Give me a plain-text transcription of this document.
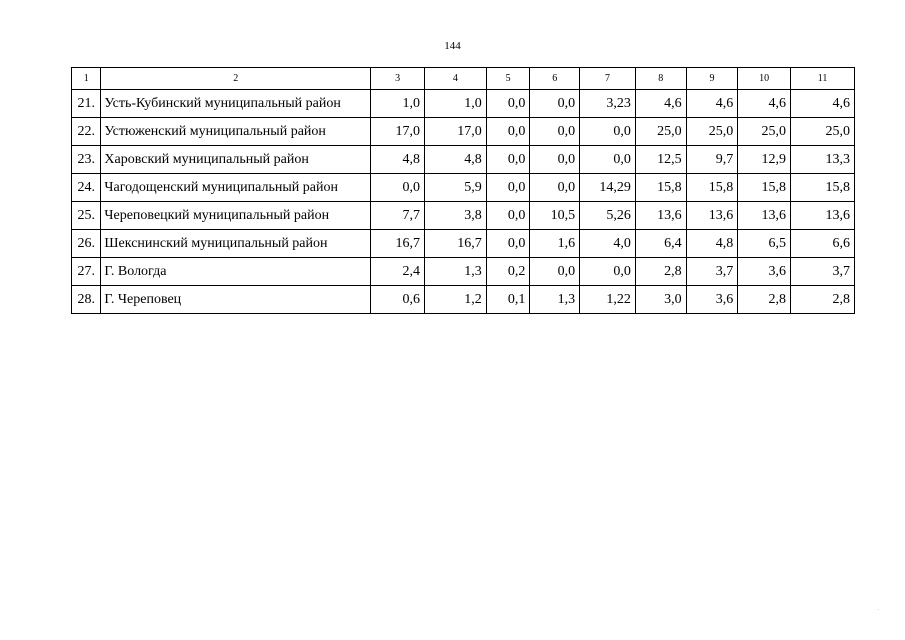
144
1	2	3	4	5	6	7	8	9	10	11
21.	Усть-Кубинский муниципальный район	1,0	1,0	0,0	0,0	3,23	4,6	4,6	4,6	4,6
22.	Устюженский муниципальный район	17,0	17,0	0,0	0,0	0,0	25,0	25,0	25,0	25,0
23.	Харовский муниципальный район	4,8	4,8	0,0	0,0	0,0	12,5	9,7	12,9	13,3
24.	Чагодощенский муниципальный район	0,0	5,9	0,0	0,0	14,29	15,8	15,8	15,8	15,8
25.	Череповецкий муниципальный район	7,7	3,8	0,0	10,5	5,26	13,6	13,6	13,6	13,6
26.	Шекснинский муниципальный район	16,7	16,7	0,0	1,6	4,0	6,4	4,8	6,5	6,6
27.	Г. Вологда	2,4	1,3	0,2	0,0	0,0	2,8	3,7	3,6	3,7
28.	Г. Череповец	0,6	1,2	0,1	1,3	1,22	3,0	3,6	2,8	2,8
.
